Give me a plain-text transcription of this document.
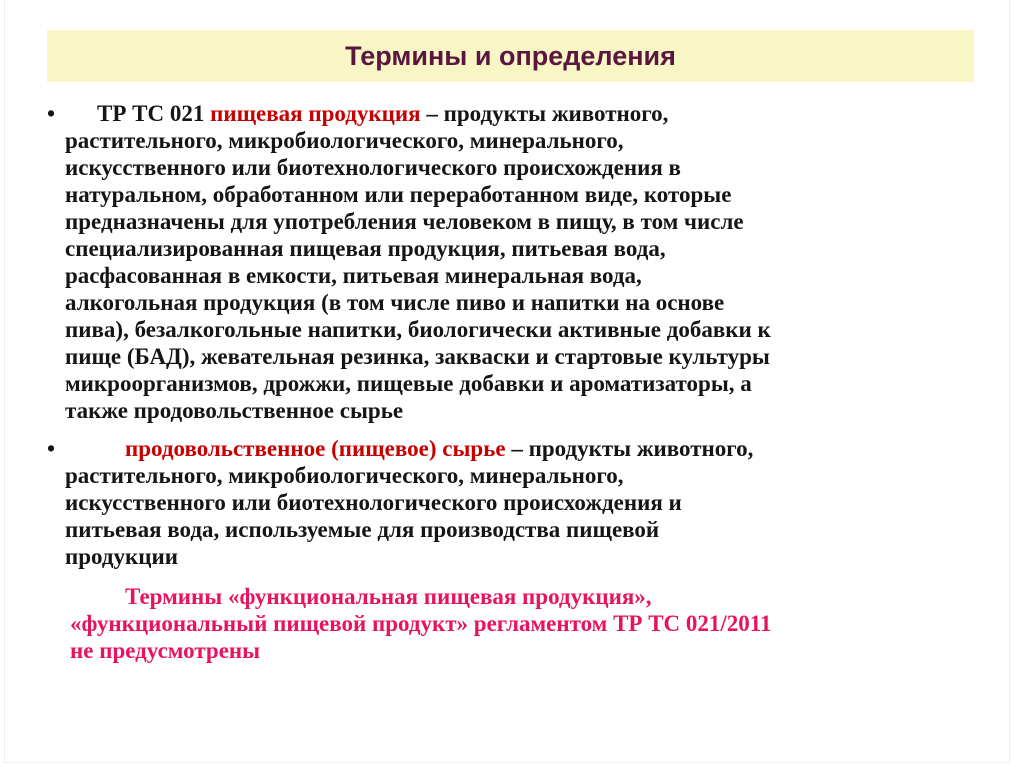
Термины и определения
•	ТР ТС 021 пищевая продукция – продукты животного,
растительного, микробиологического, минерального,
искусственного или биотехнологического происхождения в
натуральном, обработанном или переработанном виде, которые
предназначены для употребления человеком в пищу, в том числе
специализированная пищевая продукция, питьевая вода,
расфасованная в емкости, питьевая минеральная вода,
алкогольная продукция (в том числе пиво и напитки на основе
пива), безалкогольные напитки, биологически активные добавки к
пище (БАД), жевательная резинка, закваски и стартовые культуры
микроорганизмов, дрожжи, пищевые добавки и ароматизаторы, а
также продовольственное сырье
•	продовольственное (пищевое) сырье – продукты животного,
растительного, микробиологического, минерального,
искусственного или биотехнологического происхождения и
питьевая вода, используемые для производства пищевой
продукции
Термины «функциональная пищевая продукция»,
«функциональный пищевой продукт» регламентом ТР ТС 021/2011
не предусмотрены
